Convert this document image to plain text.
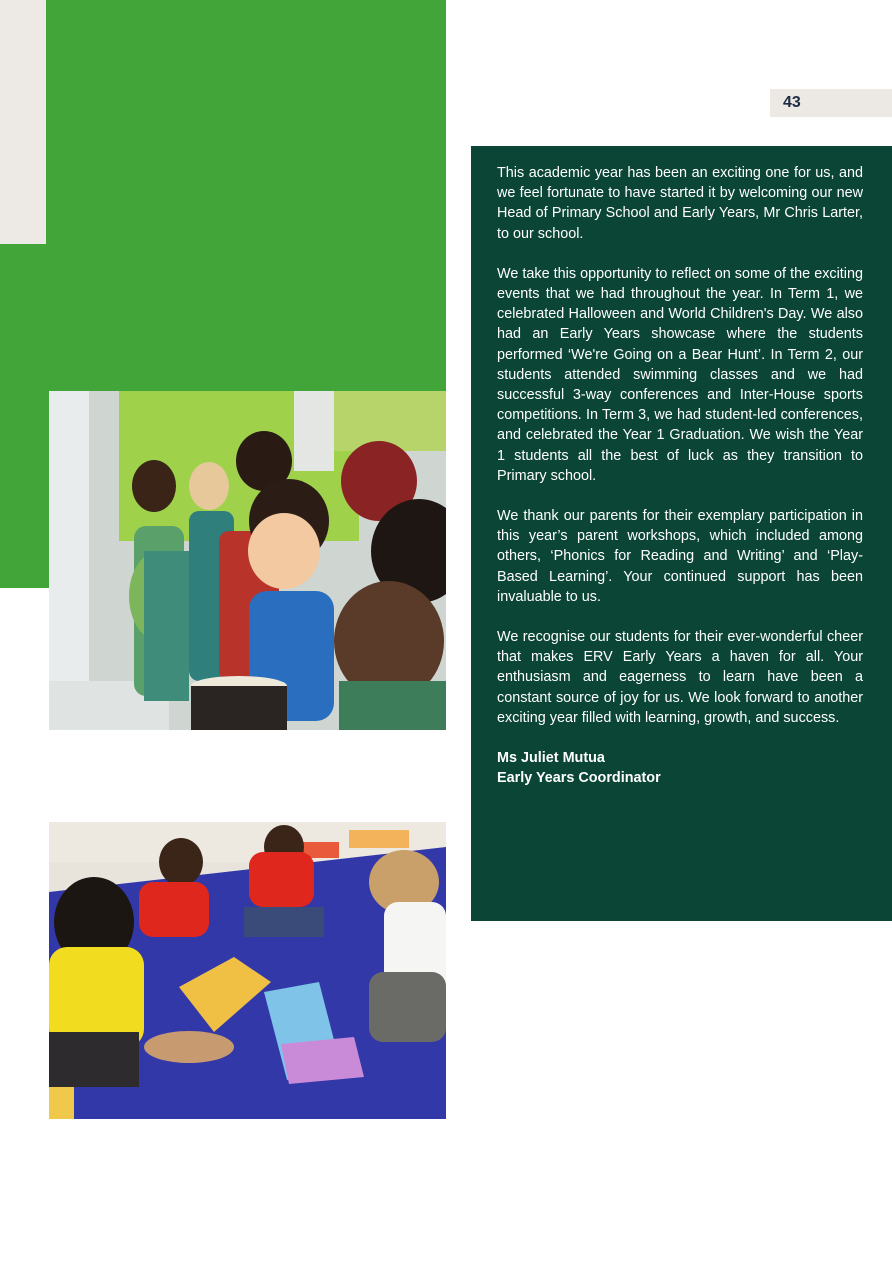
43

This academic year has been an exciting one for us, and we feel fortunate to have started it by welcoming our new Head of Primary School and Early Years, Mr Chris Larter, to our school.

We take this opportunity to reflect on some of the exciting events that we had throughout the year. In Term 1, we celebrated Halloween and World Children's Day. We also had an Early Years showcase where the students performed ‘We're Going on a Bear Hunt’. In Term 2, our students attended swimming classes and we had successful 3-way conferences and Inter-House sports competitions. In Term 3, we had student-led conferences, and celebrated the Year 1 Graduation. We wish the Year 1 students all the best of luck as they transition to Primary school.

We thank our parents for their exemplary participation in this year’s parent workshops, which included among others, ‘Phonics for Reading and Writing’ and ‘Play-Based Learning’. Your continued support has been invaluable to us.

We recognise our students for their ever-wonderful cheer that makes ERV Early Years a haven for all. Your enthusiasm and eagerness to learn have been a constant source of joy for us. We look forward to another exciting year filled with learning, growth, and success.

Ms Juliet Mutua
Early Years Coordinator
